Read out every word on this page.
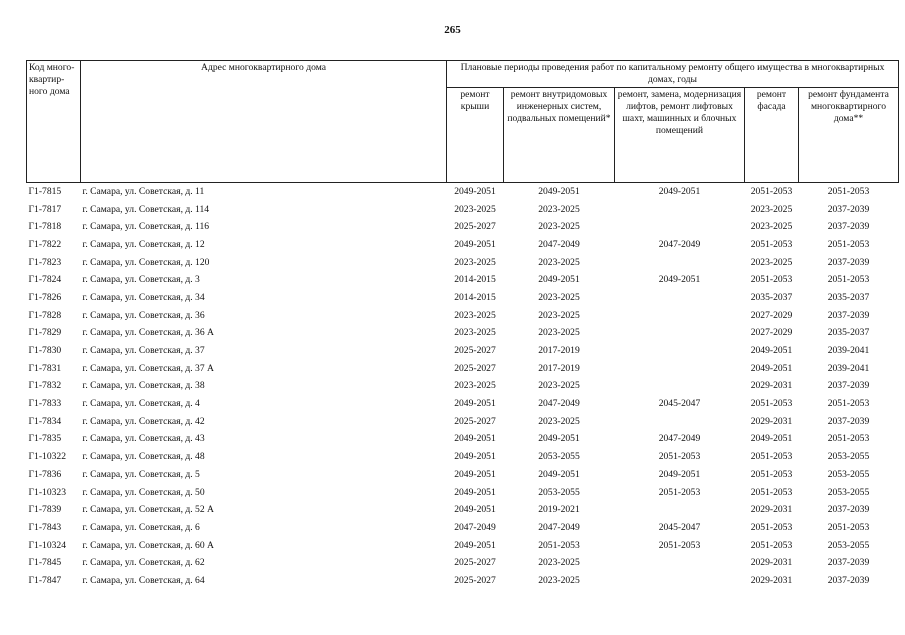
265
Код много-квартир-ного дома	Адрес многоквартирного дома	Плановые периоды проведения работ по капитальному ремонту общего имущества в многоквартирных домах, годы				
		ремонт крыши	ремонт внутридомовых инженерных систем, подвальных помещений*	ремонт, замена, модернизация лифтов, ремонт лифтовых шахт, машинных и блочных помещений	ремонт фасада	ремонт фундамента многоквартирного дома**
Г1-7815	г. Самара, ул. Советская, д. 11	2049-2051	2049-2051	2049-2051	2051-2053	2051-2053
Г1-7817	г. Самара, ул. Советская, д. 114	2023-2025	2023-2025		2023-2025	2037-2039
Г1-7818	г. Самара, ул. Советская, д. 116	2025-2027	2023-2025		2023-2025	2037-2039
Г1-7822	г. Самара, ул. Советская, д. 12	2049-2051	2047-2049	2047-2049	2051-2053	2051-2053
Г1-7823	г. Самара, ул. Советская, д. 120	2023-2025	2023-2025		2023-2025	2037-2039
Г1-7824	г. Самара, ул. Советская, д. 3	2014-2015	2049-2051	2049-2051	2051-2053	2051-2053
Г1-7826	г. Самара, ул. Советская, д. 34	2014-2015	2023-2025		2035-2037	2035-2037
Г1-7828	г. Самара, ул. Советская, д. 36	2023-2025	2023-2025		2027-2029	2037-2039
Г1-7829	г. Самара, ул. Советская, д. 36 А	2023-2025	2023-2025		2027-2029	2035-2037
Г1-7830	г. Самара, ул. Советская, д. 37	2025-2027	2017-2019		2049-2051	2039-2041
Г1-7831	г. Самара, ул. Советская, д. 37 А	2025-2027	2017-2019		2049-2051	2039-2041
Г1-7832	г. Самара, ул. Советская, д. 38	2023-2025	2023-2025		2029-2031	2037-2039
Г1-7833	г. Самара, ул. Советская, д. 4	2049-2051	2047-2049	2045-2047	2051-2053	2051-2053
Г1-7834	г. Самара, ул. Советская, д. 42	2025-2027	2023-2025		2029-2031	2037-2039
Г1-7835	г. Самара, ул. Советская, д. 43	2049-2051	2049-2051	2047-2049	2049-2051	2051-2053
Г1-10322	г. Самара, ул. Советская, д. 48	2049-2051	2053-2055	2051-2053	2051-2053	2053-2055
Г1-7836	г. Самара, ул. Советская, д. 5	2049-2051	2049-2051	2049-2051	2051-2053	2053-2055
Г1-10323	г. Самара, ул. Советская, д. 50	2049-2051	2053-2055	2051-2053	2051-2053	2053-2055
Г1-7839	г. Самара, ул. Советская, д. 52 А	2049-2051	2019-2021		2029-2031	2037-2039
Г1-7843	г. Самара, ул. Советская, д. 6	2047-2049	2047-2049	2045-2047	2051-2053	2051-2053
Г1-10324	г. Самара, ул. Советская, д. 60 А	2049-2051	2051-2053	2051-2053	2051-2053	2053-2055
Г1-7845	г. Самара, ул. Советская, д. 62	2025-2027	2023-2025		2029-2031	2037-2039
Г1-7847	г. Самара, ул. Советская, д. 64	2025-2027	2023-2025		2029-2031	2037-2039
